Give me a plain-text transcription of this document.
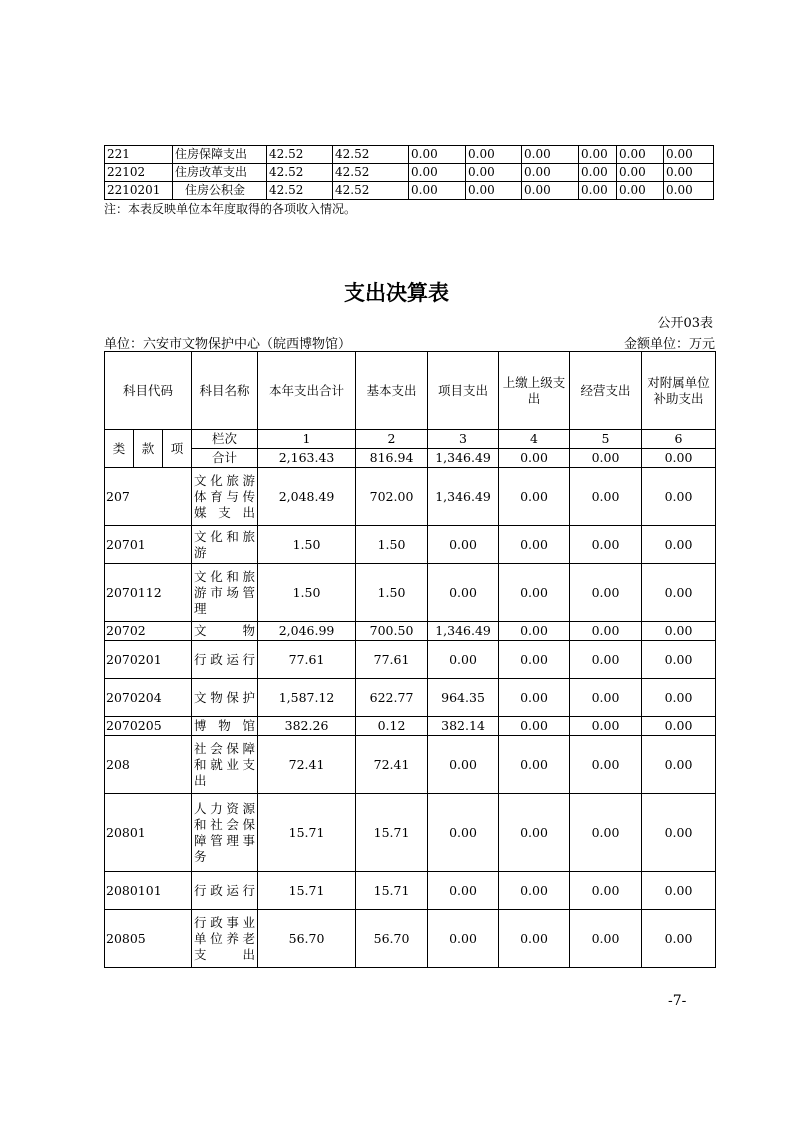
221	住房保障支出	42.52	42.52	0.00	0.00	0.00	0.00	0.00	0.00
22102	住房改革支出	42.52	42.52	0.00	0.00	0.00	0.00	0.00	0.00
2210201	住房公积金	42.52	42.52	0.00	0.00	0.00	0.00	0.00	0.00
注：本表反映单位本年度取得的各项收入情况。
支出决算表
公开03表
单位：六安市文物保护中心（皖西博物馆）	金额单位：万元
科目代码			科目名称	本年支出合计	基本支出	项目支出	上缴上级支出	经营支出	对附属单位补助支出
类	款	项	栏次	1	2	3	4	5	6
			合计	2,163.43	816.94	1,346.49	0.00	0.00	0.00
207			文化旅游体育与传媒支出	2,048.49	702.00	1,346.49	0.00	0.00	0.00
20701			文化和旅游	1.50	1.50	0.00	0.00	0.00	0.00
2070112			文化和旅游市场管理	1.50	1.50	0.00	0.00	0.00	0.00
20702			文物	2,046.99	700.50	1,346.49	0.00	0.00	0.00
2070201			行政运行	77.61	77.61	0.00	0.00	0.00	0.00
2070204			文物保护	1,587.12	622.77	964.35	0.00	0.00	0.00
2070205			博物馆	382.26	0.12	382.14	0.00	0.00	0.00
208			社会保障和就业支出	72.41	72.41	0.00	0.00	0.00	0.00
20801			人力资源和社会保障管理事务	15.71	15.71	0.00	0.00	0.00	0.00
2080101			行政运行	15.71	15.71	0.00	0.00	0.00	0.00
20805			行政事业单位养老支出	56.70	56.70	0.00	0.00	0.00	0.00
-7-
